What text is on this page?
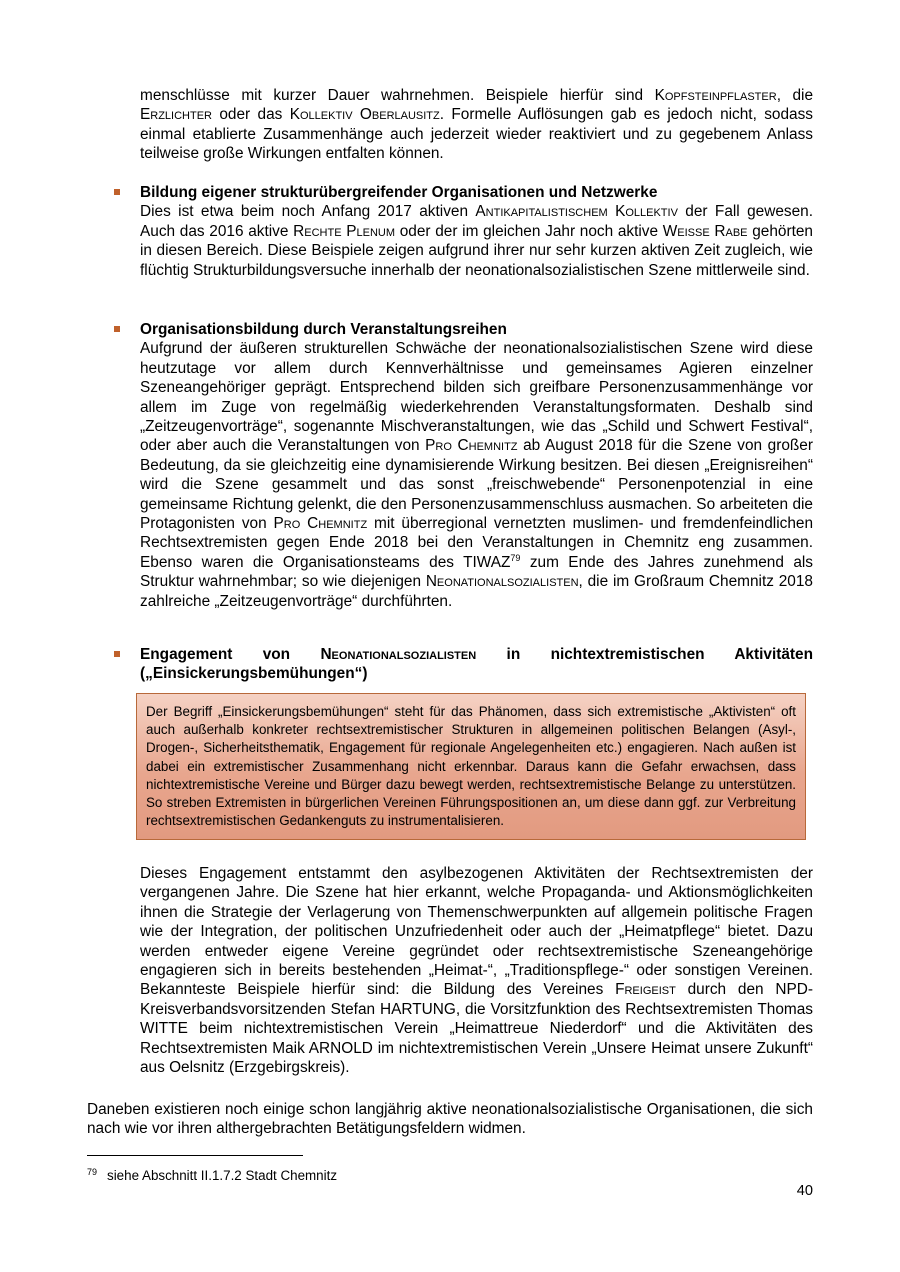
menschlüsse mit kurzer Dauer wahrnehmen. Beispiele hierfür sind Kopfsteinpflaster, die Erzlichter oder das Kollektiv Oberlausitz. Formelle Auflösungen gab es jedoch nicht, sodass einmal etablierte Zusammenhänge auch jederzeit wieder reaktiviert und zu gegebenem Anlass teilweise große Wirkungen entfalten können.
Bildung eigener strukturübergreifender Organisationen und Netzwerke
Dies ist etwa beim noch Anfang 2017 aktiven Antikapitalistischem Kollektiv der Fall gewesen. Auch das 2016 aktive Rechte Plenum oder der im gleichen Jahr noch aktive Weiße Rabe gehörten in diesen Bereich. Diese Beispiele zeigen aufgrund ihrer nur sehr kurzen aktiven Zeit zugleich, wie flüchtig Strukturbildungsversuche innerhalb der neonationalsozialistischen Szene mittlerweile sind.
Organisationsbildung durch Veranstaltungsreihen
Aufgrund der äußeren strukturellen Schwäche der neonationalsozialistischen Szene wird diese heutzutage vor allem durch Kennverhältnisse und gemeinsames Agieren einzelner Szeneangehöriger geprägt. Entsprechend bilden sich greifbare Personenzusammenhänge vor allem im Zuge von regelmäßig wiederkehrenden Veranstaltungsformaten. Deshalb sind „Zeitzeugenvorträge“, sogenannte Mischveranstaltungen, wie das „Schild und Schwert Festival“, oder aber auch die Veranstaltungen von Pro Chemnitz ab August 2018 für die Szene von großer Bedeutung, da sie gleichzeitig eine dynamisierende Wirkung besitzen. Bei diesen „Ereignisreihen“ wird die Szene gesammelt und das sonst „freischwebende“ Personenpotenzial in eine gemeinsame Richtung gelenkt, die den Personenzusammenschluss ausmachen. So arbeiteten die Protagonisten von Pro Chemnitz mit überregional vernetzten muslimen- und fremdenfeindlichen Rechtsextremisten gegen Ende 2018 bei den Veranstaltungen in Chemnitz eng zusammen. Ebenso waren die Organisationsteams des TIWAZ$^{79}$ zum Ende des Jahres zunehmend als Struktur wahrnehmbar; so wie diejenigen Neonationalsozialisten, die im Großraum Chemnitz 2018 zahlreiche „Zeitzeugenvorträge“ durchführten.
Engagement von Neonationalsozialisten in nichtextremistischen Aktivitäten
(„Einsickerungsbemühungen“)
Der Begriff „Einsickerungsbemühungen“ steht für das Phänomen, dass sich extremistische „Aktivisten“ oft auch außerhalb konkreter rechtsextremistischer Strukturen in allgemeinen politischen Belangen (Asyl-, Drogen-, Sicherheitsthematik, Engagement für regionale Angelegenheiten etc.) engagieren. Nach außen ist dabei ein extremistischer Zusammenhang nicht erkennbar. Daraus kann die Gefahr erwachsen, dass nichtextremistische Vereine und Bürger dazu bewegt werden, rechtsextremistische Belange zu unterstützen. So streben Extremisten in bürgerlichen Vereinen Führungspositionen an, um diese dann ggf. zur Verbreitung rechtsextremistischen Gedankenguts zu instrumentalisieren.
Dieses Engagement entstammt den asylbezogenen Aktivitäten der Rechtsextremisten der vergangenen Jahre. Die Szene hat hier erkannt, welche Propaganda- und Aktionsmöglichkeiten ihnen die Strategie der Verlagerung von Themenschwerpunkten auf allgemein politische Fragen wie der Integration, der politischen Unzufriedenheit oder auch der „Heimatpflege“ bietet. Dazu werden entweder eigene Vereine gegründet oder rechtsextremistische Szeneangehörige engagieren sich in bereits bestehenden „Heimat-“, „Traditionspflege-“ oder sonstigen Vereinen. Bekannteste Beispiele hierfür sind: die Bildung des Vereines Freigeist durch den NPD-Kreisverbandsvorsitzenden Stefan HARTUNG, die Vorsitzfunktion des Rechtsextremisten Thomas WITTE beim nichtextremistischen Verein „Heimattreue Niederdorf“ und die Aktivitäten des Rechtsextremisten Maik ARNOLD im nichtextremistischen Verein „Unsere Heimat unsere Zukunft“ aus Oelsnitz (Erzgebirgskreis).
Daneben existieren noch einige schon langjährig aktive neonationalsozialistische Organisationen, die sich nach wie vor ihren althergebrachten Betätigungsfeldern widmen.
$^{79}$ siehe Abschnitt II.1.7.2 Stadt Chemnitz
40
